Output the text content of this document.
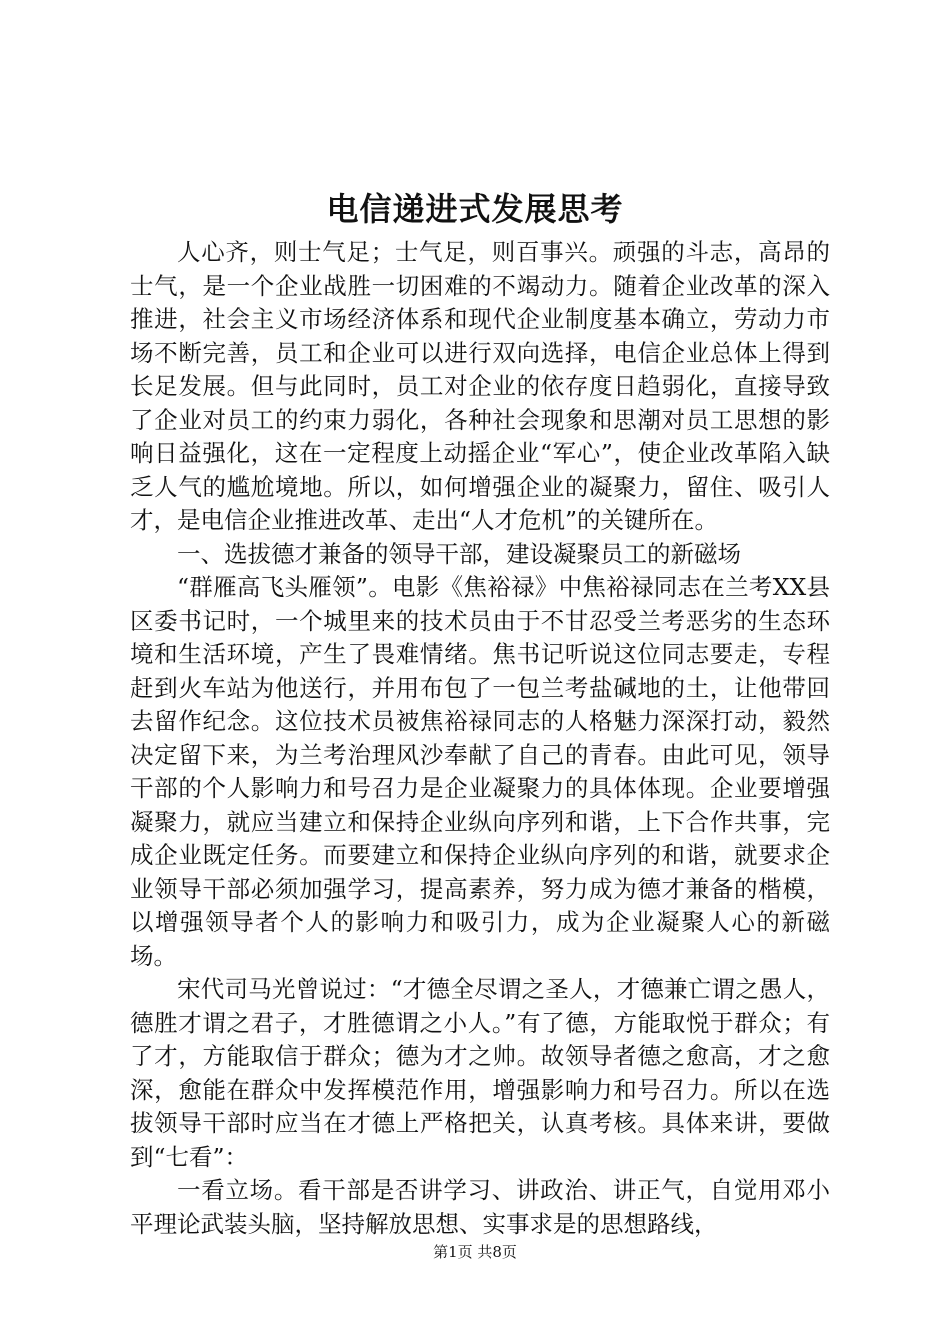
电信递进式发展思考

人心齐，则士气足；士气足，则百事兴。顽强的斗志，高昂的士气，是一个企业战胜一切困难的不竭动力。随着企业改革的深入推进，社会主义市场经济体系和现代企业制度基本确立，劳动力市场不断完善，员工和企业可以进行双向选择，电信企业总体上得到长足发展。但与此同时，员工对企业的依存度日趋弱化，直接导致了企业对员工的约束力弱化，各种社会现象和思潮对员工思想的影响日益强化，这在一定程度上动摇企业“军心”，使企业改革陷入缺乏人气的尴尬境地。所以，如何增强企业的凝聚力，留住、吸引人才，是电信企业推进改革、走出“人才危机”的关键所在。

一、选拔德才兼备的领导干部，建设凝聚员工的新磁场

“群雁高飞头雁领”。电影《焦裕禄》中焦裕禄同志在兰考XX县区委书记时，一个城里来的技术员由于不甘忍受兰考恶劣的生态环境和生活环境，产生了畏难情绪。焦书记听说这位同志要走，专程赶到火车站为他送行，并用布包了一包兰考盐碱地的土，让他带回去留作纪念。这位技术员被焦裕禄同志的人格魅力深深打动，毅然决定留下来，为兰考治理风沙奉献了自己的青春。由此可见，领导干部的个人影响力和号召力是企业凝聚力的具体体现。企业要增强凝聚力，就应当建立和保持企业纵向序列和谐，上下合作共事，完成企业既定任务。而要建立和保持企业纵向序列的和谐，就要求企业领导干部必须加强学习，提高素养，努力成为德才兼备的楷模，以增强领导者个人的影响力和吸引力，成为企业凝聚人心的新磁场。

宋代司马光曾说过：“才德全尽谓之圣人，才德兼亡谓之愚人，德胜才谓之君子，才胜德谓之小人。”有了德，方能取悦于群众；有了才，方能取信于群众；德为才之帅。故领导者德之愈高，才之愈深，愈能在群众中发挥模范作用，增强影响力和号召力。所以在选拔领导干部时应当在才德上严格把关，认真考核。具体来讲，要做到“七看”：

一看立场。看干部是否讲学习、讲政治、讲正气，自觉用邓小平理论武装头脑，坚持解放思想、实事求是的思想路线，

第1页 共8页
